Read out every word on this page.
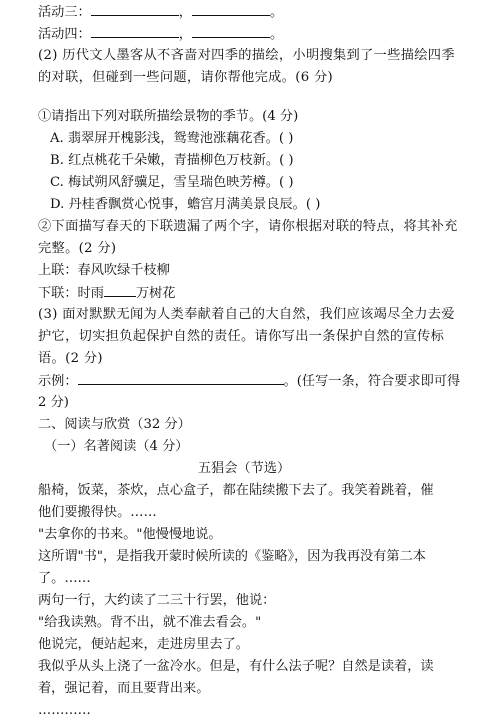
活动三：	，	。
活动四：	，	。
(2) 历代文人墨客从不吝啬对四季的描绘，小明搜集到了一些描绘四季的对联，但碰到一些问题，请你帮他完成。(6 分)
①请指出下列对联所描绘景物的季节。(4 分)
A. 翡翠屏开槐影浅，鸳鸯池涨藕花香。( )
B. 红点桃花千朵嫩，青描柳色万枝新。( )
C. 梅试朔风舒骥足，雪呈瑞色映芳樽。( )
D. 丹桂香飘赏心悦事，蟾宫月满美景良辰。( )
②下面描写春天的下联遗漏了两个字，请你根据对联的特点，将其补充完整。(2 分)
上联：春风吹绿千枝柳
下联：时雨 万树花
(3) 面对默默无闻为人类奉献着自己的大自然，我们应该竭尽全力去爱护它，切实担负起保护自然的责任。请你写出一条保护自然的宣传标语。(2 分)
示例：	。(任写一条，符合要求即可得
2 分)
二、阅读与欣赏（32 分）
（一）名著阅读（4 分）
五猖会（节选）
船椅，饭菜，茶炊，点心盒子，都在陆续搬下去了。我笑着跳着，催
他们要搬得快。……
"去拿你的书来。"他慢慢地说。
这所谓"书"，是指我开蒙时候所读的《鉴略》，因为我再没有第二本
了。……
两句一行，大约读了二三十行罢，他说：
"给我读熟。背不出，就不准去看会。"
他说完，便站起来，走进房里去了。
我似乎从头上浇了一盆冷水。但是，有什么法子呢？自然是读着，读
着，强记着，而且要背出来。
…………
